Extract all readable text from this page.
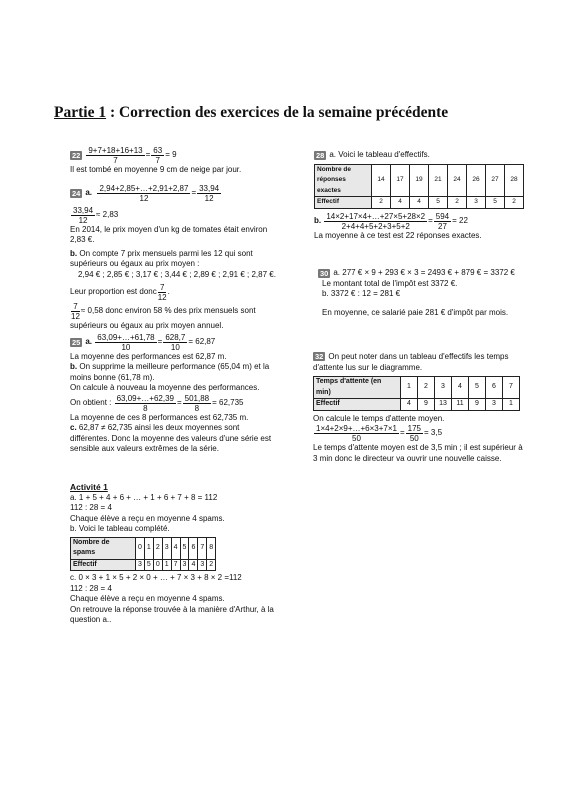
Partie 1 : Correction des exercices de la semaine précédente
$22 \frac{9+7+18+16+13}{7} = \frac{63}{7} = 9$

Il est tombé en moyenne 9 cm de neige par jour.

24 a.
$\frac{2,94+2,85+\dots+2,91+2,87}{12} = \frac{33,94}{12}$
$\frac{33,94}{12} \approx 2,83$

En 2014, le prix moyen d'un kg de tomates était environ 2,83 €.

b. On compte 7 prix mensuels parmi les 12 qui sont supérieurs ou égaux au prix moyen :

2,94 € ; 2,85 € ; 3,17 € ; 3,44 € ; 2,89 € ; 2,91 € ; 2,87 €.

Leur proportion est donc $\frac{7}{12}$ .
$\frac{7}{12} \approx 0,58$ donc environ 58 % des prix mensuels sont

supérieurs ou égaux au prix moyen annuel.

25 a.
$\frac{63,09+\dots+61,78}{10} = \frac{628,7}{10} = 62,87$

La moyenne des performances est 62,87 m.

b. On supprime la meilleure performance (65,04 m) et la moins bonne (61,78 m).

On calcule à nouveau la moyenne des performances.

On obtient :
$\frac{63,09+\dots+62,39}{8} = \frac{501,88}{8} = 62,735$

La moyenne de ces 8 performances est 62,735 m.

c. 62,87 ≠ 62,735 ainsi les deux moyennes sont différentes. Donc la moyenne des valeurs d'une série est sensible aux valeurs extrêmes de la série.

Activité 1

a. 1 + 5 + 4 + 6 + … + 1 + 6 + 7 + 8 = 112

112 : 28 = 4

Chaque élève a reçu en moyenne 4 spams.

b. Voici le tableau complété.

Nombre de spams	0	1	2	3	4	5	6	7	8
Effectif	3	5	0	1	7	3	4	3	2

c. 0 × 3 + 1 × 5 + 2 × 0 + … + 7 × 3 + 8 × 2 =112

112 : 28 = 4

Chaque élève a reçu en moyenne 4 spams.

On retrouve la réponse trouvée à la manière d'Arthur, à la question a..

28 a. Voici le tableau d'effectifs.
Nombre de réponses exactes	14	17	19	21	24	26	27	28
Effectif	2	4	4	5	2	3	5	2
b.
$\frac{14\times 2+17\times 4+\dots+27\times 5+28\times 2}{2+4+4+5+2+3+5+2} = \frac{594}{27} = 22$

La moyenne à ce test est 22 réponses exactes.

30 a. 277 € × 9 + 293 € × 3 = 2493 € + 879 € = 3372 €

Le montant total de l'impôt est 3372 €.

b. 3372 € : 12 = 281 €

En moyenne, ce salarié paie 281 € d'impôt par mois.

32 On peut noter dans un tableau d'effectifs les temps d'attente lus sur le diagramme.

Temps d'attente (en min)	1	2	3	4	5	6	7
Effectif	4	9	13	11	9	3	1

On calcule le temps d'attente moyen.

$\frac{1\times 4+2\times 9+\dots+6\times 3+7\times 1}{50} = \frac{175}{50} = 3,5$

Le temps d'attente moyen est de 3,5 min ; il est supérieur à 3 min donc le directeur va ouvrir une nouvelle caisse.
